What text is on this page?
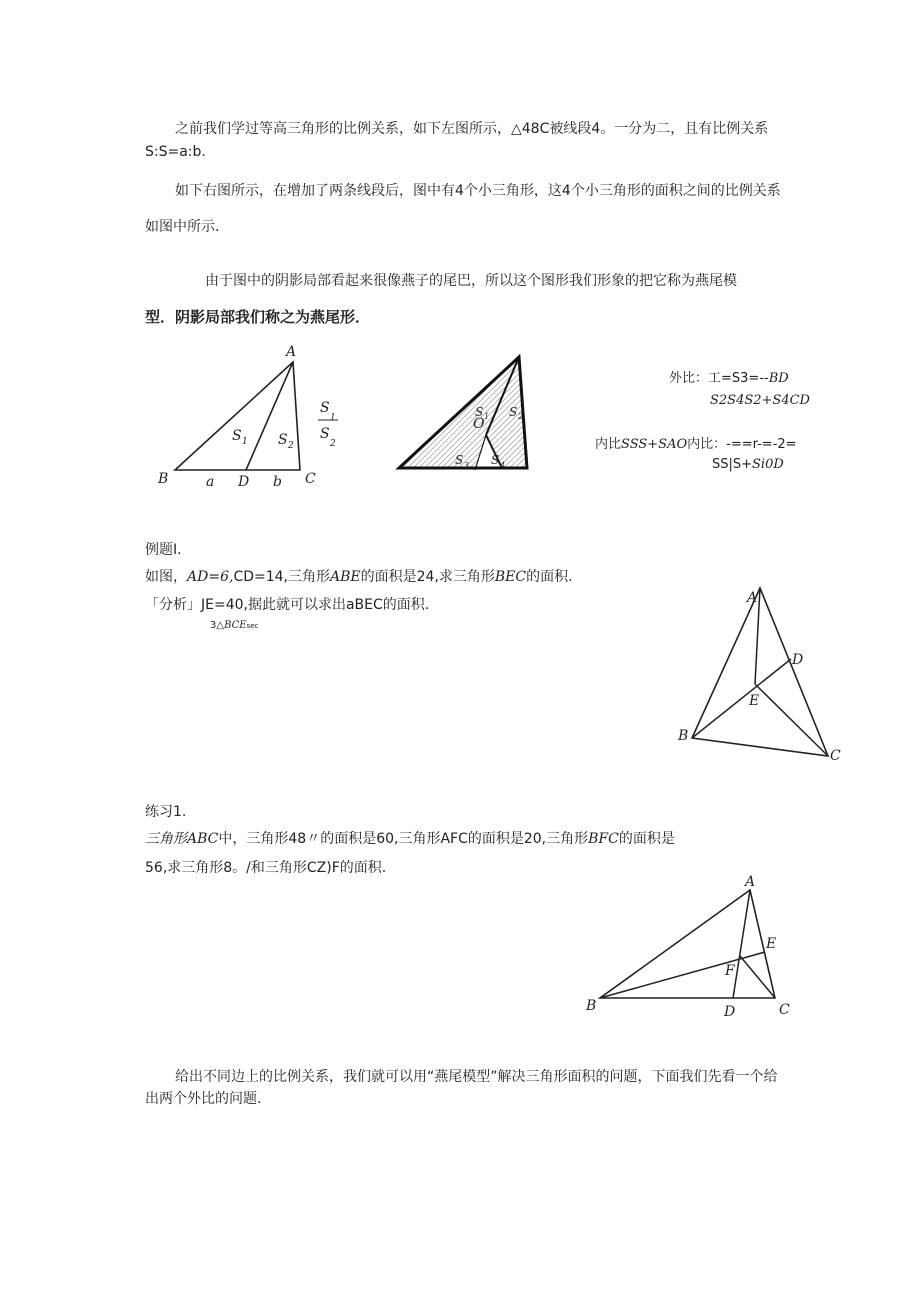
之前我们学过等高三角形的比例关系，如下左图所示，△48C被线段4。一分为二，且有比例关系
S:S=a:b.
如下右图所示，在增加了两条线段后，图中有4个小三角形，这4个小三角形的面积之间的比例关系
如图中所示.
由于图中的阴影局部看起来很像燕子的尾巴，所以这个图形我们形象的把它称为燕尾模
型．阴影局部我们称之为燕尾形．
A
B	C
D
a	b
S 1 S 2
S
1
S
2
O
S 1 S 2
S 3 S 4
外比：工=S3=--BD
S2S4S2+S4CD
内比SSS+SAO内比：-==r-=-2=
SS|S+Si0D
例题I.
如图，AD=6,CD=14,三角形ABE的面积是24,求三角形BEC的面积.
「分析」JE=40,据此就可以求出aBEC的面积.
3△BCEsec
A
B
C
D
E
练习1.
三角形ABC中，三角形48〃的面积是60,三角形AFC的面积是20,三角形BFC的面积是
56,求三角形8。/和三角形CZ)F的面积.
A
B	C
D
E
F
给出不同边上的比例关系，我们就可以用“燕尾模型”解决三角形面积的问题，下面我们先看一个给
出两个外比的问题.
